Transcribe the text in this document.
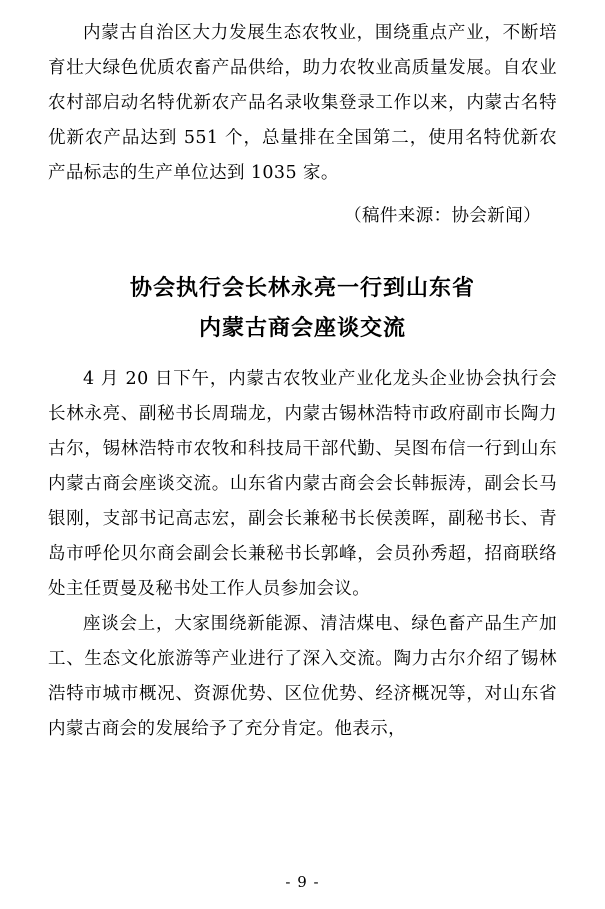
内蒙古自治区大力发展生态农牧业，围绕重点产业，不断培育壮大绿色优质农畜产品供给，助力农牧业高质量发展。自农业农村部启动名特优新农产品名录收集登录工作以来，内蒙古名特优新农产品达到 551 个，总量排在全国第二，使用名特优新农产品标志的生产单位达到 1035 家。

（稿件来源：协会新闻）

协会执行会长林永亮一行到山东省
内蒙古商会座谈交流

4 月 20 日下午，内蒙古农牧业产业化龙头企业协会执行会长林永亮、副秘书长周瑞龙，内蒙古锡林浩特市政府副市长陶力古尔，锡林浩特市农牧和科技局干部代勤、吴图布信一行到山东内蒙古商会座谈交流。山东省内蒙古商会会长韩振涛，副会长马银刚，支部书记高志宏，副会长兼秘书长侯羡晖，副秘书长、青岛市呼伦贝尔商会副会长兼秘书长郭峰，会员孙秀超，招商联络处主任贾曼及秘书处工作人员参加会议。

座谈会上，大家围绕新能源、清洁煤电、绿色畜产品生产加工、生态文化旅游等产业进行了深入交流。陶力古尔介绍了锡林浩特市城市概况、资源优势、区位优势、经济概况等，对山东省内蒙古商会的发展给予了充分肯定。他表示，

- 9 -
